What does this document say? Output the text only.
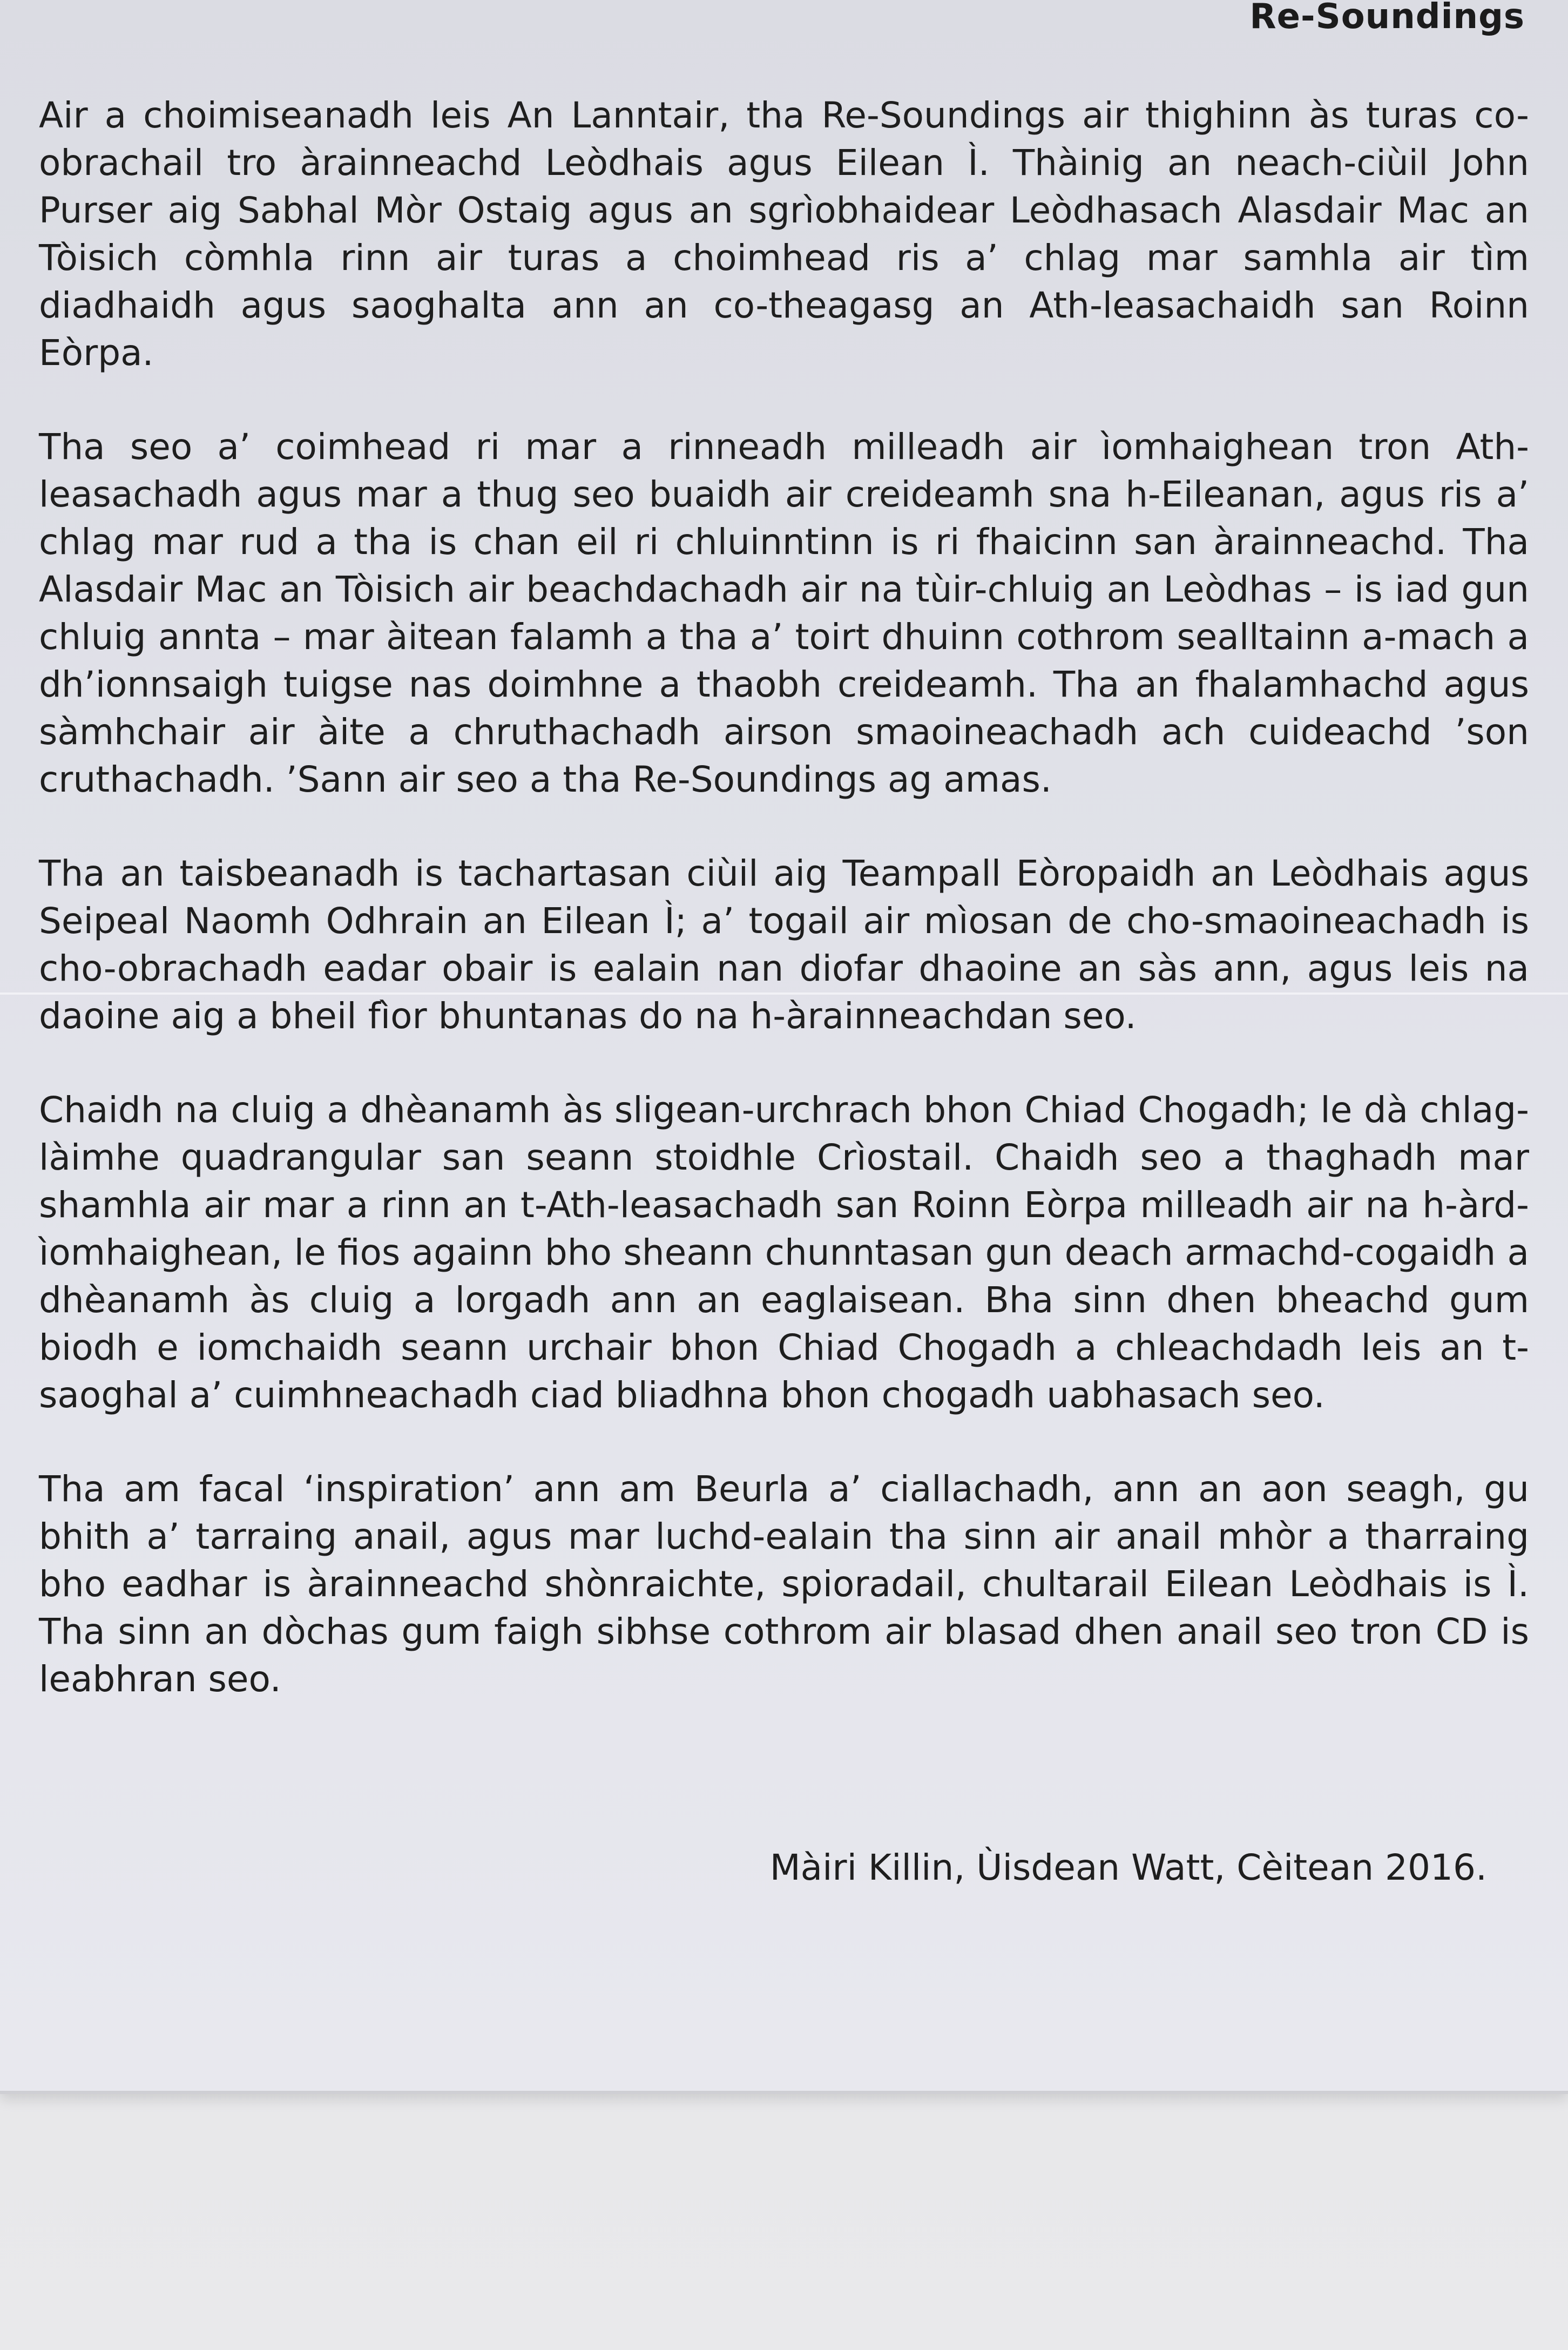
Re-Soundings

Air a choimiseanadh leis An Lanntair, tha Re-Soundings air thighinn às turas co-obrachail tro àrainneachd Leòdhais agus Eilean Ì. Thàinig an neach-ciùil John Purser aig Sabhal Mòr Ostaig agus an sgrìobhaidear Leòdhasach Alasdair Mac an Tòisich còmhla rinn air turas a choimhead ris a’ chlag mar samhla air tìm diadhaidh agus saoghalta ann an co-theagasg an Ath-leasachaidh san Roinn Eòrpa.

Tha seo a’ coimhead ri mar a rinneadh milleadh air ìomhaighean tron Ath-leasachadh agus mar a thug seo buaidh air creideamh sna h-Eileanan, agus ris a’ chlag mar rud a tha is chan eil ri chluinntinn is ri fhaicinn san àrainneachd. Tha Alasdair Mac an Tòisich air beachdachadh air na tùir-chluig an Leòdhas – is iad gun chluig annta – mar àitean falamh a tha a’ toirt dhuinn cothrom sealltainn a-mach a dh’ionnsaigh tuigse nas doimhne a thaobh creideamh. Tha an fhalamhachd agus sàmhchair air àite a chruthachadh airson smaoineachadh ach cuideachd ’son cruthachadh. ’Sann air seo a tha Re-Soundings ag amas.

Tha an taisbeanadh is tachartasan ciùil aig Teampall Eòropaidh an Leòdhais agus Seipeal Naomh Odhrain an Eilean Ì; a’ togail air mìosan de cho-smaoineachadh is cho-obrachadh eadar obair is ealain nan diofar dhaoine an sàs ann, agus leis na daoine aig a bheil fìor bhuntanas do na h-àrainneachdan seo.

Chaidh na cluig a dhèanamh às sligean-urchrach bhon Chiad Chogadh; le dà chlag-làimhe quadrangular san seann stoidhle Crìostail. Chaidh seo a thaghadh mar shamhla air mar a rinn an t-Ath-leasachadh san Roinn Eòrpa milleadh air na h-àrd-ìomhaighean, le fios againn bho sheann chunntasan gun deach armachd-cogaidh a dhèanamh às cluig a lorgadh ann an eaglaisean. Bha sinn dhen bheachd gum biodh e iomchaidh seann urchair bhon Chiad Chogadh a chleachdadh leis an t-saoghal a’ cuimhneachadh ciad bliadhna bhon chogadh uabhasach seo.

Tha am facal ‘inspiration’ ann am Beurla a’ ciallachadh, ann an aon seagh, gu bhith a’ tarraing anail, agus mar luchd-ealain tha sinn air anail mhòr a tharraing bho eadhar is àrainneachd shònraichte, spioradail, chultarail Eilean Leòdhais is Ì. Tha sinn an dòchas gum faigh sibhse cothrom air blasad dhen anail seo tron CD is leabhran seo.

Màiri Killin, Ùisdean Watt, Cèitean 2016.
